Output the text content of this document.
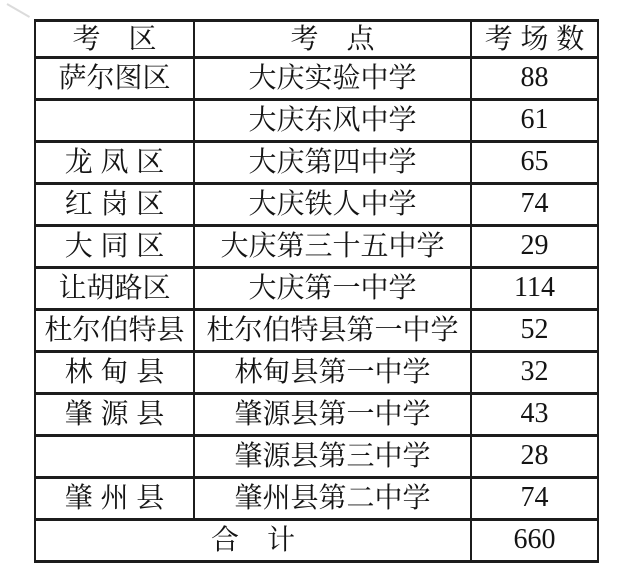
考　区	考　点	考 场 数
萨尔图区	大庆实验中学	88
	大庆东风中学	61
龙 凤 区	大庆第四中学	65
红 岗 区	大庆铁人中学	74
大 同 区	大庆第三十五中学	29
让胡路区	大庆第一中学	114
杜尔伯特县	杜尔伯特县第一中学	52
林 甸 县	林甸县第一中学	32
肇 源 县	肇源县第一中学	43
	肇源县第三中学	28
肇 州 县	肇州县第二中学	74
合　计		660
